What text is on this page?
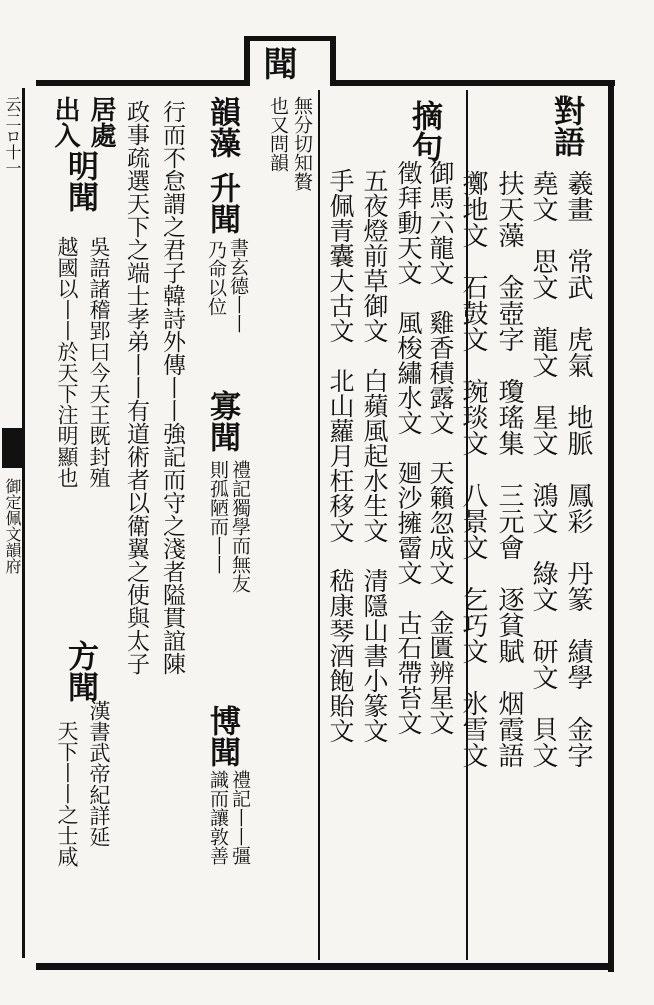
聞
云二ロ十一
御定佩文韻府
對語
羲畫　常武　虎氣　地脈　鳳彩　丹篆　績學　金字
堯文　思文　龍文　星文　鴻文　綠文　研文　貝文
扶天藻　金壺字　瓊瑤集　三元會　逐貧賦　烟霞語
擲地文　石鼓文　琬琰文　八景文　乞巧文　氷雪文
摘句
御馬六龍文　雞香積露文　天籟忽成文　金匱辨星文
徵拜動天文　風梭繡水文　廻沙擁霤文　古石帶苔文
五夜燈前草御文　白蘋風起水生文　清隱山書小篆文
手佩青囊大古文　北山蘿月枉移文　嵇康琴酒飽貽文
無分切知贅
也又問韻
韻藻
升聞
書玄德丨丨
乃命以位
寡聞
禮記獨學而無友
則孤陋而丨丨
博聞
禮記丨丨彊
識而讓敦善
行而不怠謂之君子韓詩外傳丨丨強記而守之淺者隘貫誼陳
政事疏選天下之端士孝弟丨丨有道術者以衛翼之使與太子
居處
明聞
吳語諸稽郢曰今天王既封殖
出入
越國以丨丨於天下注明顯也
方聞
漢書武帝紀詳延
天下丨丨之士咸
